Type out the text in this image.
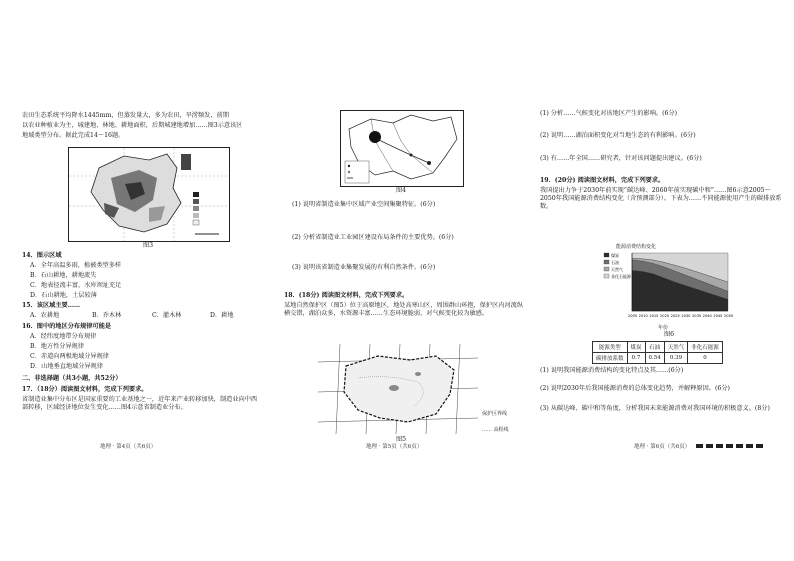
农田生态系统平均降水1445mm，但蒸发量大，多为农田，旱涝频发，前期
以农业种植业为主，城建地、林地、耕地面积，后期城建地增加……图3示意该区
地域类型分布。据此完成14～16题。
图3
14．图示区域
A．全年高温多雨，植被类型多样
B．石山耕地，耕地流失
C．地表径流丰富，水库坝址充足
D．石山耕地，土层较薄
15．该区域主要……
A．农耕地	B．乔木林	C．灌木林	D．耕地
16．图中的地区分布规律可能是
A．经纬度地带分布规律
B．地方性分异规律
C．赤道向两极地域分异规律
D．山地垂直地域分异规律
二、非选择题（共3小题，共52分）
17．（18分）阅读图文材料，完成下列要求。
省制造业集中分布区是国家重要的工业基地之一，近年来产业转移加快，制造业向中西部转移，区域经济地位发生变化……图4示意省制造业分布。
地理 · 第4页（共6页）
图4
(1) 说明省制造业集中区域产业空间集聚特征。(6分)
(2) 分析省制造业工业园区建设布局条件的主要优势。(6分)
(3) 说明该省制造业集聚发展的有利自然条件。(6分)
18．(18分) 阅读图文材料，完成下列要求。
某地自然保护区（图5）位于高原地区，地处高寒山区，周围群山环抱，保护区内河流纵横交错，湖泊众多，水资源丰富……生态环境脆弱，对气候变化较为敏感。
保护区界线
…… 高程线
图5
地理 · 第5页（共6页）
(1) 分析……气候变化对该地区产生的影响。(6分)
(2) 说明……湖泊面积变化对当地生态的有利影响。(6分)
(3) 有……年全国……研究者，针对该问题提出建议。(6分)
19．(20分) 阅读图文材料，完成下列要求。
我国提出力争于2030年前实现“碳达峰、2060年前实现碳中和”……图6示意2005～2050年我国能源消费结构变化（含预测部分）。下表为……不同能源使用产生的碳排放系数。
能源消费结构变化
煤炭
石油
天然气
非化石能源
2005 2010 2015 2020 2025 2030 2035 2040 2045 2050
年份
图6
能源类型	煤炭	石油	天然气	非化石能源
碳排放系数	0.7	0.54	0.39	0
(1) 说明我国能源消费结构的变化特点及其……(6分)
(2) 说明2030年后我国能源消费的总体变化趋势，并解释原因。(6分)
(3) 从碳达峰、碳中和等角度，分析我国未来能源消费对我国环境的积极意义。(8分)
地理 · 第6页（共6页）
